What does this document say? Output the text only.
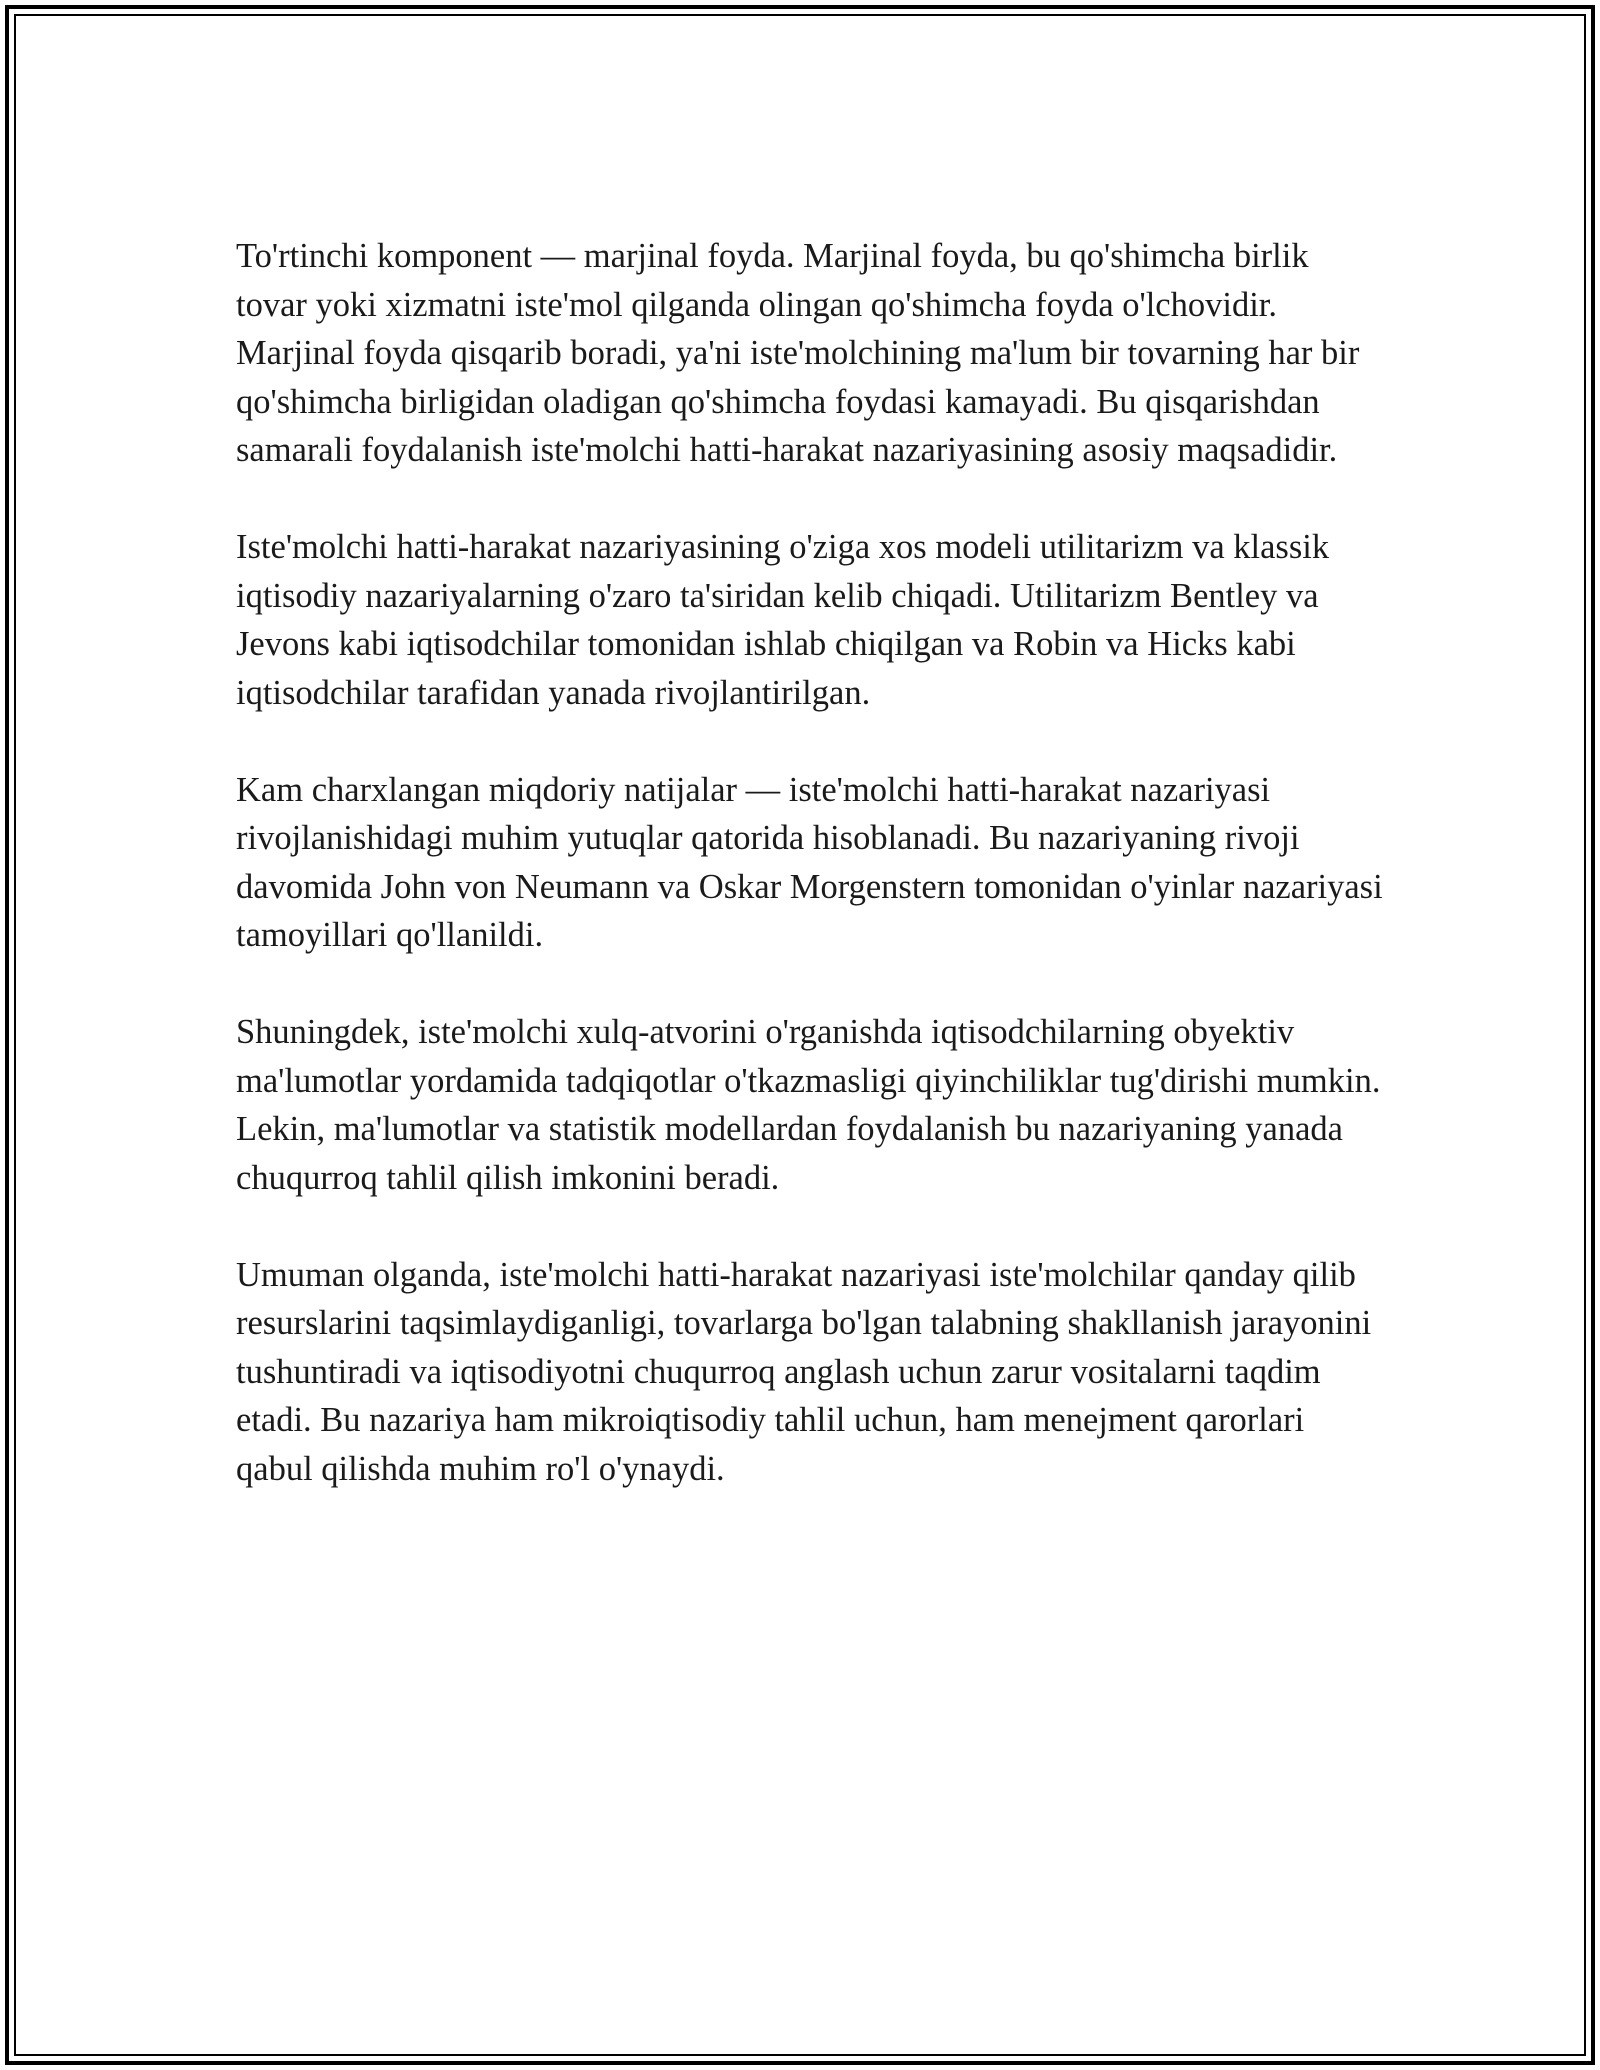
To'rtinchi komponent — marjinal foyda. Marjinal foyda, bu qo'shimcha birlik tovar yoki xizmatni iste'mol qilganda olingan qo'shimcha foyda o'lchovidir. Marjinal foyda qisqarib boradi, ya'ni iste'molchining ma'lum bir tovarning har bir qo'shimcha birligidan oladigan qo'shimcha foydasi kamayadi. Bu qisqarishdan samarali foydalanish iste'molchi hatti-harakat nazariyasining asosiy maqsadidir.

Iste'molchi hatti-harakat nazariyasining o'ziga xos modeli utilitarizm va klassik iqtisodiy nazariyalarning o'zaro ta'siridan kelib chiqadi. Utilitarizm Bentley va Jevons kabi iqtisodchilar tomonidan ishlab chiqilgan va Robin va Hicks kabi iqtisodchilar tarafidan yanada rivojlantirilgan.

Kam charxlangan miqdoriy natijalar — iste'molchi hatti-harakat nazariyasi rivojlanishidagi muhim yutuqlar qatorida hisoblanadi. Bu nazariyaning rivoji davomida John von Neumann va Oskar Morgenstern tomonidan o'yinlar nazariyasi tamoyillari qo'llanildi.

Shuningdek, iste'molchi xulq-atvorini o'rganishda iqtisodchilarning obyektiv ma'lumotlar yordamida tadqiqotlar o'tkazmasligi qiyinchiliklar tug'dirishi mumkin. Lekin, ma'lumotlar va statistik modellardan foydalanish bu nazariyaning yanada chuqurroq tahlil qilish imkonini beradi.

Umuman olganda, iste'molchi hatti-harakat nazariyasi iste'molchilar qanday qilib resurslarini taqsimlaydiganligi, tovarlarga bo'lgan talabning shakllanish jarayonini tushuntiradi va iqtisodiyotni chuqurroq anglash uchun zarur vositalarni taqdim etadi. Bu nazariya ham mikroiqtisodiy tahlil uchun, ham menejment qarorlari qabul qilishda muhim ro'l o'ynaydi.
